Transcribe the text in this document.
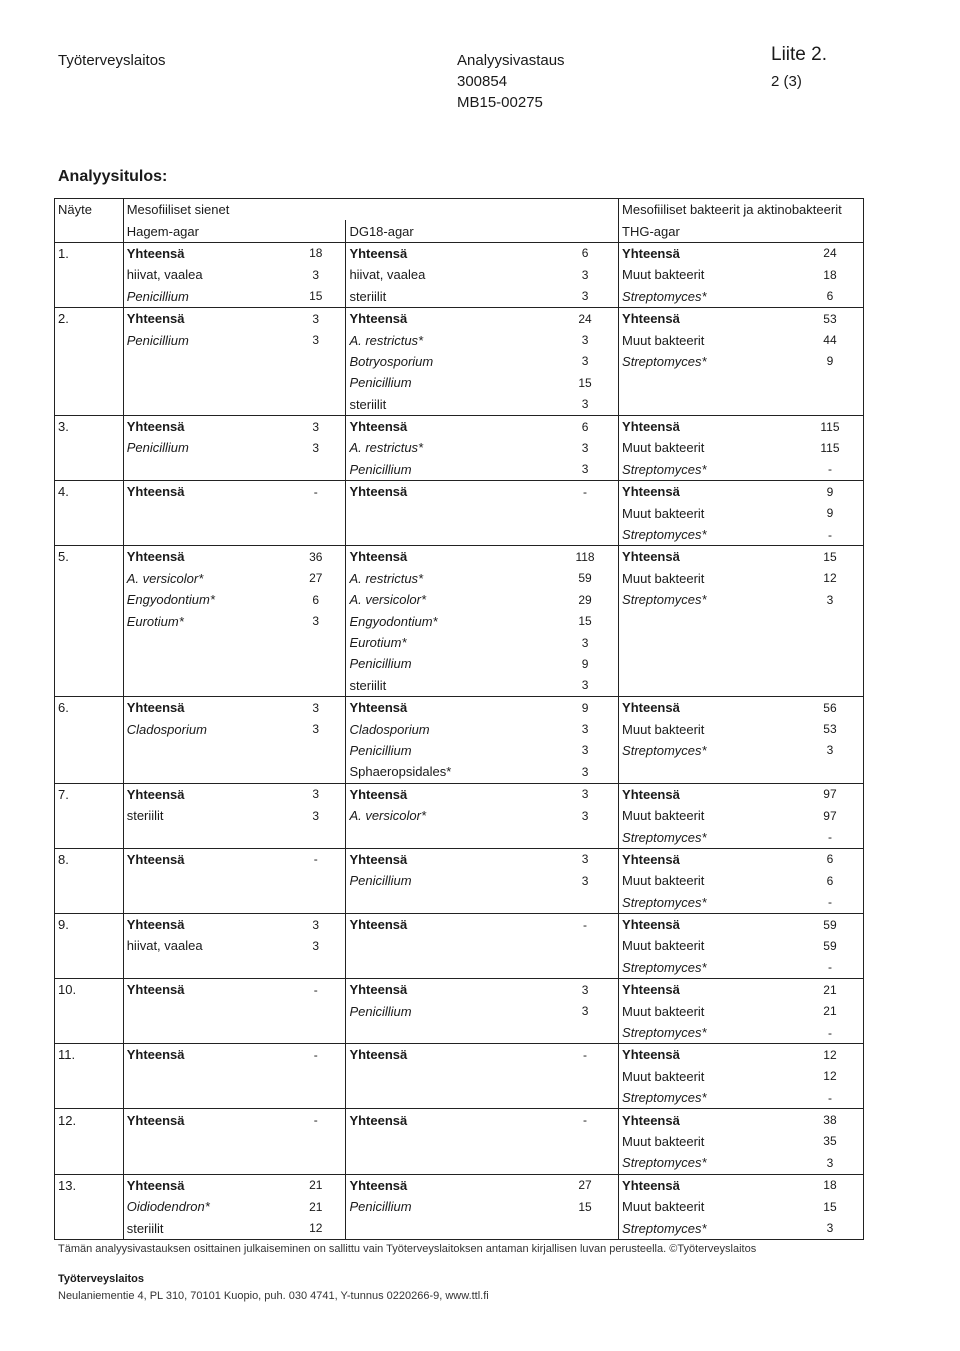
Työterveyslaitos	Analyysivastaus
300854
MB15-00275
Liite 2.
2 (3)
Analyysitulos:
Näyte	Mesofiiliset sienet				Mesofiiliset bakteerit ja aktinobakteerit	
	Hagem-agar		DG18-agar		THG-agar	
1.	Yhteensä	18	Yhteensä	6	Yhteensä	24
	hiivat, vaalea	3	hiivat, vaalea	3	Muut bakteerit	18
	Penicillium	15	steriilit	3	Streptomyces*	6
2.	Yhteensä	3	Yhteensä	24	Yhteensä	53
	Penicillium	3	A. restrictus*	3	Muut bakteerit	44
			Botryosporium	3	Streptomyces*	9
			Penicillium	15		
			steriilit	3		
3.	Yhteensä	3	Yhteensä	6	Yhteensä	115
	Penicillium	3	A. restrictus*	3	Muut bakteerit	115
			Penicillium	3	Streptomyces*	-
4.	Yhteensä	-	Yhteensä	-	Yhteensä	9
					Muut bakteerit	9
					Streptomyces*	-
5.	Yhteensä	36	Yhteensä	118	Yhteensä	15
	A. versicolor*	27	A. restrictus*	59	Muut bakteerit	12
	Engyodontium*	6	A. versicolor*	29	Streptomyces*	3
	Eurotium*	3	Engyodontium*	15		
			Eurotium*	3		
			Penicillium	9		
			steriilit	3		
6.	Yhteensä	3	Yhteensä	9	Yhteensä	56
	Cladosporium	3	Cladosporium	3	Muut bakteerit	53
			Penicillium	3	Streptomyces*	3
			Sphaeropsidales*	3		
7.	Yhteensä	3	Yhteensä	3	Yhteensä	97
	steriilit	3	A. versicolor*	3	Muut bakteerit	97
					Streptomyces*	-
8.	Yhteensä	-	Yhteensä	3	Yhteensä	6
			Penicillium	3	Muut bakteerit	6
					Streptomyces*	-
9.	Yhteensä	3	Yhteensä	-	Yhteensä	59
	hiivat, vaalea	3			Muut bakteerit	59
					Streptomyces*	-
10.	Yhteensä	-	Yhteensä	3	Yhteensä	21
			Penicillium	3	Muut bakteerit	21
					Streptomyces*	-
11.	Yhteensä	-	Yhteensä	-	Yhteensä	12
					Muut bakteerit	12
					Streptomyces*	-
12.	Yhteensä	-	Yhteensä	-	Yhteensä	38
					Muut bakteerit	35
					Streptomyces*	3
13.	Yhteensä	21	Yhteensä	27	Yhteensä	18
	Oidiodendron*	21	Penicillium	15	Muut bakteerit	15
	steriilit	12			Streptomyces*	3
Tämän analyysivastauksen osittainen julkaiseminen on sallittu vain Työterveyslaitoksen antaman kirjallisen luvan perusteella. ©Työterveyslaitos
Työterveyslaitos
Neulaniementie 4, PL 310, 70101 Kuopio, puh. 030 4741, Y-tunnus 0220266-9, www.ttl.fi
